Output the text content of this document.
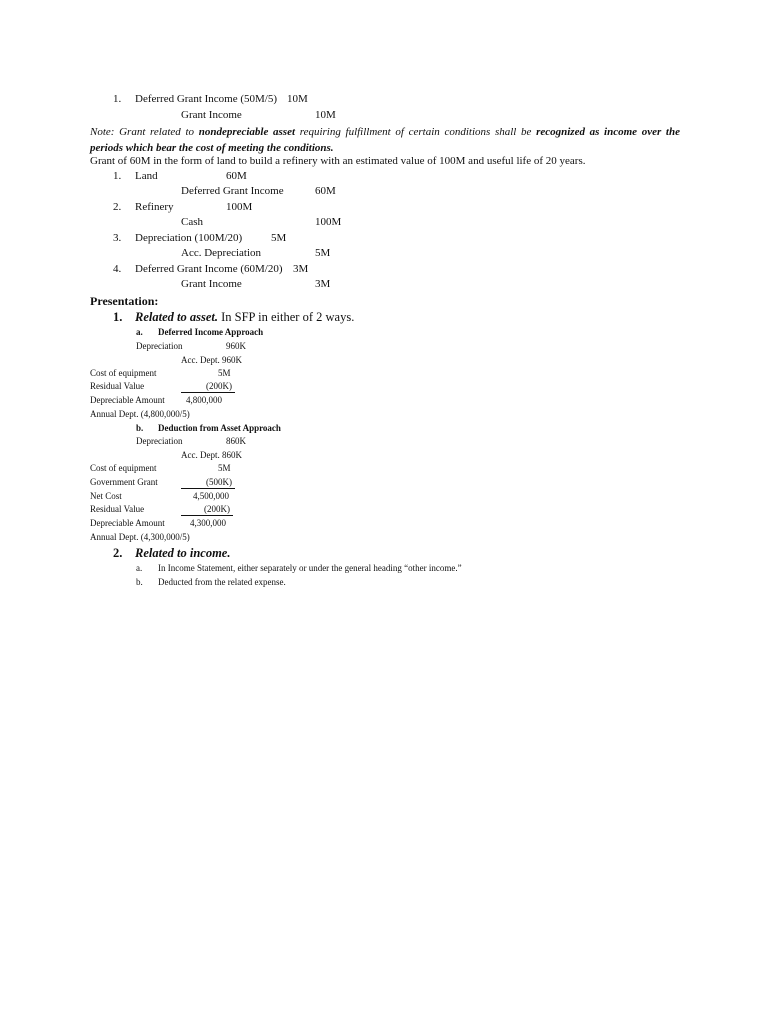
1. Deferred Grant Income (50M/5) 10M
Grant Income	10M
Note: Grant related to nondepreciable asset requiring fulfillment of certain conditions shall be recognized as income over the periods which bear the cost of meeting the conditions.
Grant of 60M in the form of land to build a refinery with an estimated value of 100M and useful life of 20 years.
1. Land	60M
Deferred Grant Income	60M
2. Refinery	100M
Cash	100M
3. Depreciation (100M/20)	5M
Acc. Depreciation	5M
4. Deferred Grant Income (60M/20) 3M
Grant Income	3M
Presentation:
1. Related to asset. In SFP in either of 2 ways.
a. Deferred Income Approach
Depreciation	960K
Acc. Dept. 960K
Cost of equipment	5M
Residual Value	(200K)
Depreciable Amount 4,800,000
Annual Dept. (4,800,000/5)
b. Deduction from Asset Approach
Depreciation	860K
Acc. Dept. 860K
Cost of equipment	5M
Government Grant	(500K)
Net Cost	4,500,000
Residual Value	(200K)
Depreciable Amount	4,300,000
Annual Dept. (4,300,000/5)
2. Related to income.
a. In Income Statement, either separately or under the general heading “other income.”
b. Deducted from the related expense.
